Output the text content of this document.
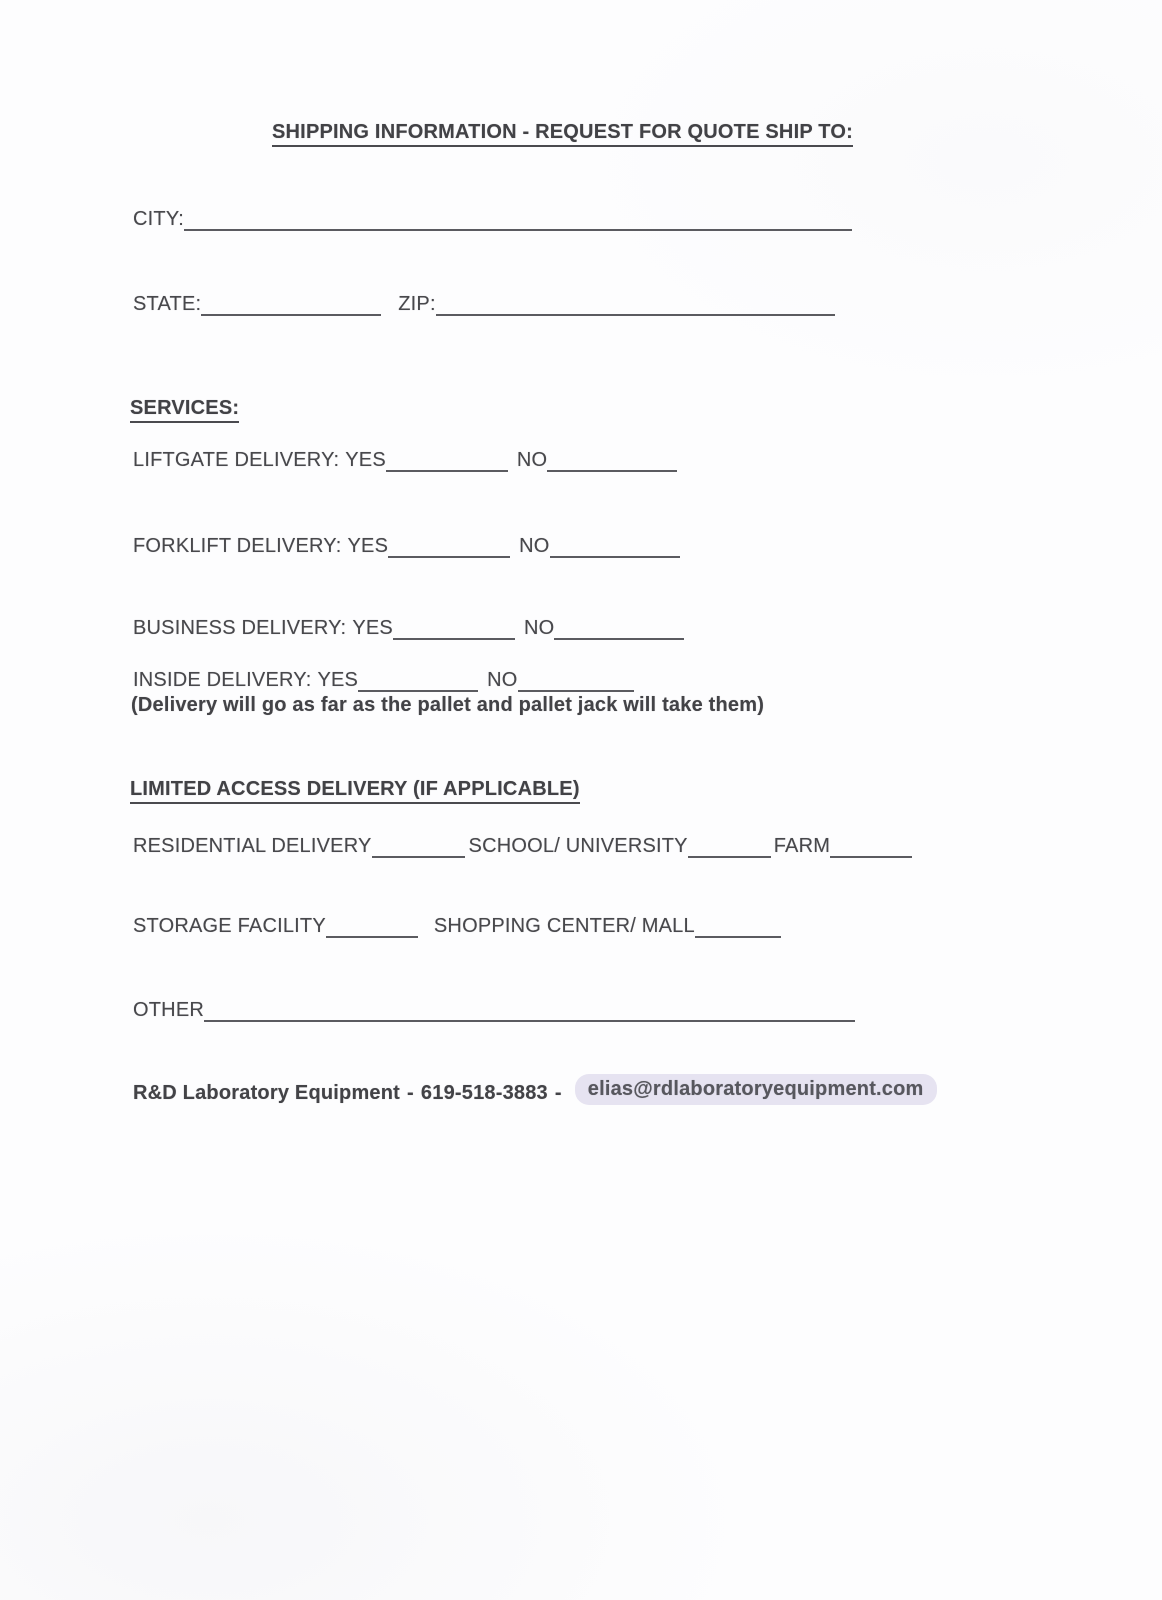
SHIPPING INFORMATION - REQUEST FOR QUOTE SHIP TO:
CITY:
STATE:	ZIP:
SERVICES:
LIFTGATE DELIVERY: YES	NO
FORKLIFT DELIVERY: YES	NO
BUSINESS DELIVERY: YES	NO
INSIDE DELIVERY: YES	NO
(Delivery will go as far as the pallet and pallet jack will take them)
LIMITED ACCESS DELIVERY (IF APPLICABLE)
RESIDENTIAL DELIVERY	SCHOOL/ UNIVERSITY	FARM
STORAGE FACILITY	SHOPPING CENTER/ MALL
OTHER
R&D Laboratory Equipment - 619-518-3883 -	elias@rdlaboratoryequipment.com
